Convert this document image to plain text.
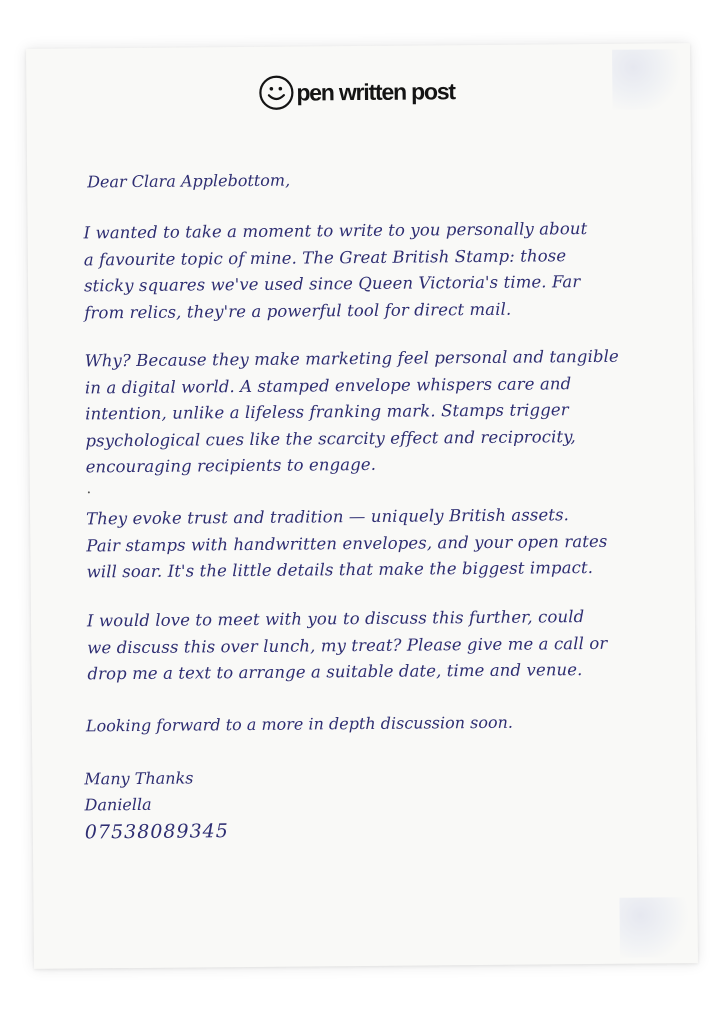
pen written post
Dear Clara Applebottom,
I wanted to take a moment to write to you personally about
a favourite topic of mine. The Great British Stamp: those
sticky squares we've used since Queen Victoria's time. Far
from relics, they're a powerful tool for direct mail.
Why? Because they make marketing feel personal and tangible
in a digital world. A stamped envelope whispers care and
intention, unlike a lifeless franking mark. Stamps trigger
psychological cues like the scarcity effect and reciprocity,
encouraging recipients to engage.
They evoke trust and tradition — uniquely British assets.
Pair stamps with handwritten envelopes, and your open rates
will soar. It's the little details that make the biggest impact.
I would love to meet with you to discuss this further, could
we discuss this over lunch, my treat? Please give me a call or
drop me a text to arrange a suitable date, time and venue.
Looking forward to a more in depth discussion soon.
Many Thanks
Daniella
07538089345
